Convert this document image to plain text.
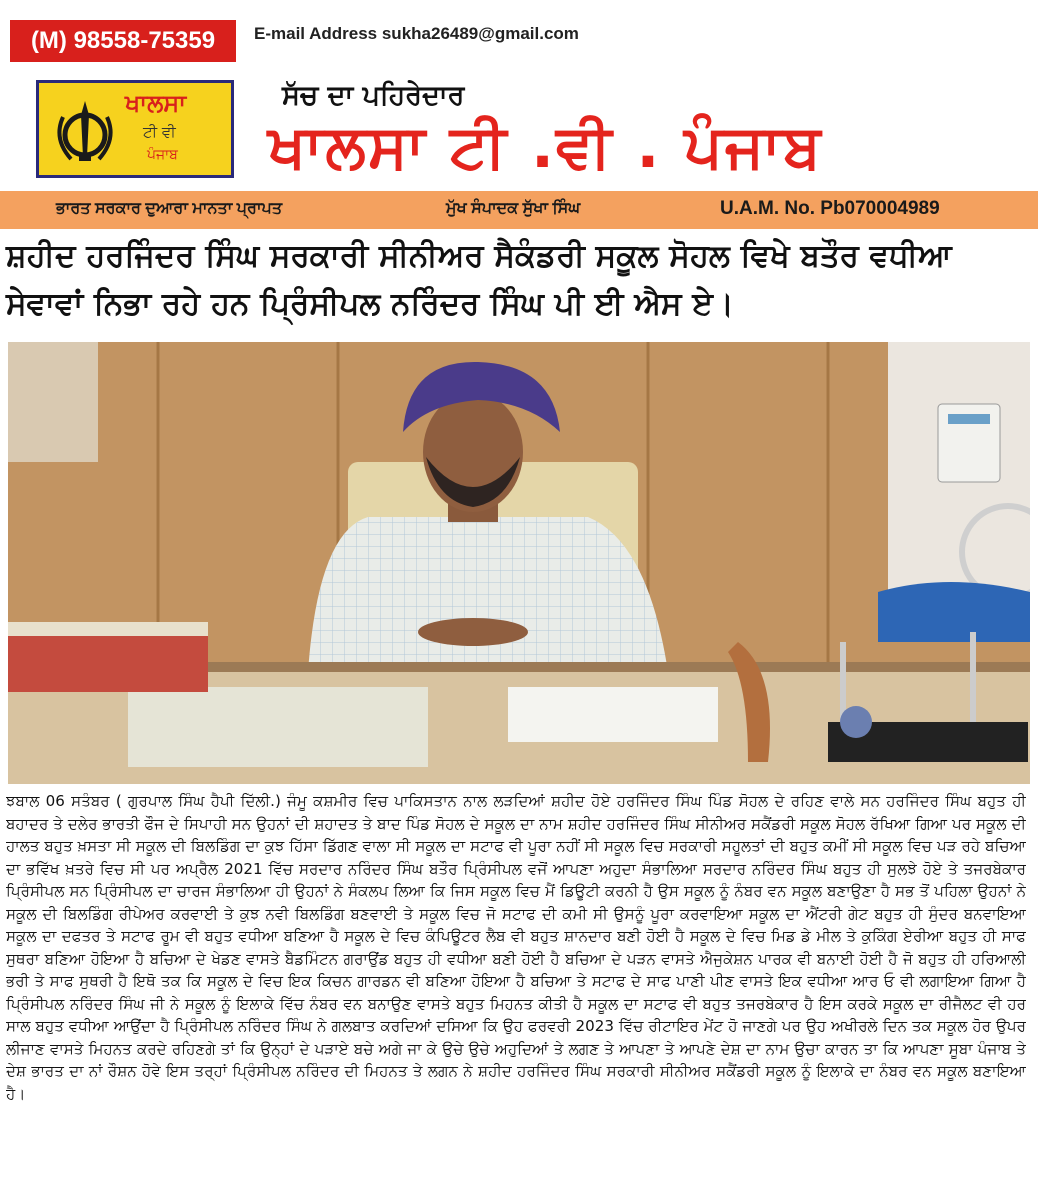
(M) 98558-75359	E-mail Address sukha26489@gmail.com
ਖਾਲਸਾ
ਟੀ ਵੀ
ਪੰਜਾਬ
ਸੱਚ ਦਾ ਪਹਿਰੇਦਾਰ
ਖਾਲਸਾ ਟੀ .ਵੀ . ਪੰਜਾਬ
ਭਾਰਤ ਸਰਕਾਰ ਦੁਆਰਾ ਮਾਨਤਾ ਪ੍ਰਾਪਤ	ਮੁੱਖ ਸੰਪਾਦਕ ਸੁੱਖਾ ਸਿੰਘ	U.A.M. No. Pb070004989
ਸ਼ਹੀਦ ਹਰਜਿੰਦਰ ਸਿੰਘ ਸਰਕਾਰੀ ਸੀਨੀਅਰ ਸੈਕੰਡਰੀ ਸਕੂਲ ਸੋਹਲ ਵਿਖੇ ਬਤੌਰ ਵਧੀਆ ਸੇਵਾਵਾਂ ਨਿਭਾ ਰਹੇ ਹਨ ਪ੍ਰਿੰਸੀਪਲ ਨਰਿੰਦਰ ਸਿੰਘ ਪੀ ਈ ਐਸ ਏ।
ਝਬਾਲ 06 ਸਤੰਬਰ ( ਗੁਰਪਾਲ ਸਿੰਘ ਹੈਪੀ ਦਿੱਲੀ.) ਜੰਮੂ ਕਸ਼ਮੀਰ ਵਿਚ ਪਾਕਿਸਤਾਨ ਨਾਲ ਲੜਦਿਆਂ ਸ਼ਹੀਦ ਹੋਏ ਹਰਜਿੰਦਰ ਸਿੰਘ ਪਿੰਡ ਸੋਹਲ ਦੇ ਰਹਿਣ ਵਾਲੇ ਸਨ ਹਰਜਿੰਦਰ ਸਿੰਘ ਬਹੁਤ ਹੀ ਬਹਾਦਰ ਤੇ ਦਲੇਰ ਭਾਰਤੀ ਫੌਜ ਦੇ ਸਿਪਾਹੀ ਸਨ ਉਹਨਾਂ ਦੀ ਸ਼ਹਾਦਤ ਤੇ ਬਾਦ ਪਿੰਡ ਸੋਹਲ ਦੇ ਸਕੂਲ ਦਾ ਨਾਮ ਸ਼ਹੀਦ ਹਰਜਿੰਦਰ ਸਿੰਘ ਸੀਨੀਅਰ ਸਕੈਂਡਰੀ ਸਕੂਲ ਸੋਹਲ ਰੱਖਿਆ ਗਿਆ ਪਰ ਸਕੂਲ ਦੀ ਹਾਲਤ ਬਹੁਤ ਖ਼ਸਤਾ ਸੀ ਸਕੂਲ ਦੀ ਬਿਲਡਿੰਗ ਦਾ ਕੁਝ ਹਿੱਸਾ ਡਿੱਗਣ ਵਾਲਾ ਸੀ ਸਕੂਲ ਦਾ ਸਟਾਫ ਵੀ ਪੂਰਾ ਨਹੀਂ ਸੀ ਸਕੂਲ ਵਿਚ ਸਰਕਾਰੀ ਸਹੂਲਤਾਂ ਦੀ ਬਹੁਤ ਕਮੀਂ ਸੀ ਸਕੂਲ ਵਿਚ ਪੜ ਰਹੇ ਬਚਿਆ ਦਾ ਭਵਿੱਖ ਖ਼ਤਰੇ ਵਿਚ ਸੀ ਪਰ ਅਪ੍ਰੈਲ 2021 ਵਿੱਚ ਸਰਦਾਰ ਨਰਿੰਦਰ ਸਿੰਘ ਬਤੌਰ ਪ੍ਰਿੰਸੀਪਲ ਵਜੋਂ ਆਪਣਾ ਅਹੁਦਾ ਸੰਭਾਲਿਆ ਸਰਦਾਰ ਨਰਿੰਦਰ ਸਿੰਘ ਬਹੁਤ ਹੀ ਸੁਲਝੇ ਹੋਏ ਤੇ ਤਜਰਬੇਕਾਰ ਪ੍ਰਿੰਸੀਪਲ ਸਨ ਪ੍ਰਿੰਸੀਪਲ ਦਾ ਚਾਰਜ ਸੰਭਾਲਿਆ ਹੀ ਉਹਨਾਂ ਨੇ ਸੰਕਲਪ ਲਿਆ ਕਿ ਜਿਸ ਸਕੂਲ ਵਿਚ ਮੈਂ ਡਿਊਟੀ ਕਰਨੀ ਹੈ ਉਸ ਸਕੂਲ ਨੂੰ ਨੰਬਰ ਵਨ ਸਕੂਲ ਬਣਾਉਣਾ ਹੈ ਸਭ ਤੋਂ ਪਹਿਲਾ ਉਹਨਾਂ ਨੇ ਸਕੂਲ ਦੀ ਬਿਲਡਿੰਗ ਰੀਪੇਅਰ ਕਰਵਾਈ ਤੇ ਕੁਝ ਨਵੀ ਬਿਲਡਿੰਗ ਬਣਵਾਈ ਤੇ ਸਕੂਲ ਵਿਚ ਜੋ ਸਟਾਫ ਦੀ ਕਮੀ ਸੀ ਉਸਨੂੰ ਪੂਰਾ ਕਰਵਾਇਆ ਸਕੂਲ ਦਾ ਐਂਟਰੀ ਗੇਟ ਬਹੁਤ ਹੀ ਸੁੰਦਰ ਬਨਵਾਇਆ ਸਕੂਲ ਦਾ ਦਫਤਰ ਤੇ ਸਟਾਫ ਰੂਮ ਵੀ ਬਹੁਤ ਵਧੀਆ ਬਣਿਆ ਹੈ ਸਕੂਲ ਦੇ ਵਿਚ ਕੰਪਿਊਟਰ ਲੈਬ ਵੀ ਬਹੁਤ ਸ਼ਾਨਦਾਰ ਬਣੀ ਹੋਈ ਹੈ ਸਕੂਲ ਦੇ ਵਿਚ ਮਿਡ ਡੇ ਮੀਲ ਤੇ ਕੁਕਿੰਗ ਏਰੀਆ ਬਹੁਤ ਹੀ ਸਾਫ ਸੁਥਰਾ ਬਣਿਆ ਹੋਇਆ ਹੈ ਬਚਿਆ ਦੇ ਖੇਡਣ ਵਾਸਤੇ ਬੈਡਮਿੰਟਨ ਗਰਾਉਂਡ ਬਹੁਤ ਹੀ ਵਧੀਆ ਬਣੀ ਹੋਈ ਹੈ ਬਚਿਆ ਦੇ ਪੜਨ ਵਾਸਤੇ ਐਜੁਕੇਸ਼ਨ ਪਾਰਕ ਵੀ ਬਨਾਈ ਹੋਈ ਹੈ ਜੋ ਬਹੁਤ ਹੀ ਹਰਿਆਲੀ ਭਰੀ ਤੇ ਸਾਫ ਸੁਥਰੀ ਹੈ ਇਥੋ ਤਕ ਕਿ ਸਕੂਲ ਦੇ ਵਿਚ ਇਕ ਕਿਚਨ ਗਾਰਡਨ ਵੀ ਬਣਿਆ ਹੋਇਆ ਹੈ ਬਚਿਆ ਤੇ ਸਟਾਫ ਦੇ ਸਾਫ ਪਾਣੀ ਪੀਣ ਵਾਸਤੇ ਇਕ ਵਧੀਆ ਆਰ ਓ ਵੀ ਲਗਾਇਆ ਗਿਆ ਹੈ ਪ੍ਰਿੰਸੀਪਲ ਨਰਿੰਦਰ ਸਿੰਘ ਜੀ ਨੇ ਸਕੂਲ ਨੂੰ ਇਲਾਕੇ ਵਿੱਚ ਨੰਬਰ ਵਨ ਬਨਾਉਣ ਵਾਸਤੇ ਬਹੁਤ ਮਿਹਨਤ ਕੀਤੀ ਹੈ ਸਕੂਲ ਦਾ ਸਟਾਫ ਵੀ ਬਹੁਤ ਤਜਰਬੇਕਾਰ ਹੈ ਇਸ ਕਰਕੇ ਸਕੂਲ ਦਾ ਰੀਜੈਲਟ ਵੀ ਹਰ ਸਾਲ ਬਹੁਤ ਵਧੀਆ ਆਉਂਦਾ ਹੈ ਪ੍ਰਿੰਸੀਪਲ ਨਰਿੰਦਰ ਸਿੰਘ ਨੇ ਗਲਬਾਤ ਕਰਦਿਆਂ ਦਸਿਆ ਕਿ ਉਹ ਫਰਵਰੀ 2023 ਵਿੱਚ ਰੀਟਾਇਰ ਮੇਂਟ ਹੋ ਜਾਣਗੇ ਪਰ ਉਹ ਅਖੀਰਲੇ ਦਿਨ ਤਕ ਸਕੂਲ ਹੋਰ ਉਪਰ ਲੀਜਾਣ ਵਾਸਤੇ ਮਿਹਨਤ ਕਰਦੇ ਰਹਿਣਗੇ ਤਾਂ ਕਿ ਉਨ੍ਹਾਂ ਦੇ ਪੜਾਏ ਬਚੇ ਅਗੇ ਜਾ ਕੇ ਉਚੇ ਉਚੇ ਅਹੁਦਿਆਂ ਤੇ ਲਗਣ ਤੇ ਆਪਣਾ ਤੇ ਆਪਣੇ ਦੇਸ਼ ਦਾ ਨਾਮ ਉਚਾ ਕਾਰਨ ਤਾ ਕਿ ਆਪਣਾ ਸੂਬਾ ਪੰਜਾਬ ਤੇ ਦੇਸ਼ ਭਾਰਤ ਦਾ ਨਾਂ ਰੌਸ਼ਨ ਹੋਵੇ ਇਸ ਤਰ੍ਹਾਂ ਪ੍ਰਿੰਸੀਪਲ ਨਰਿੰਦਰ ਦੀ ਮਿਹਨਤ ਤੇ ਲਗਨ ਨੇ ਸ਼ਹੀਦ ਹਰਜਿੰਦਰ ਸਿੰਘ ਸਰਕਾਰੀ ਸੀਨੀਅਰ ਸਕੈਂਡਰੀ ਸਕੂਲ ਨੂੰ ਇਲਾਕੇ ਦਾ ਨੰਬਰ ਵਨ ਸਕੂਲ ਬਣਾਇਆ ਹੈ।
